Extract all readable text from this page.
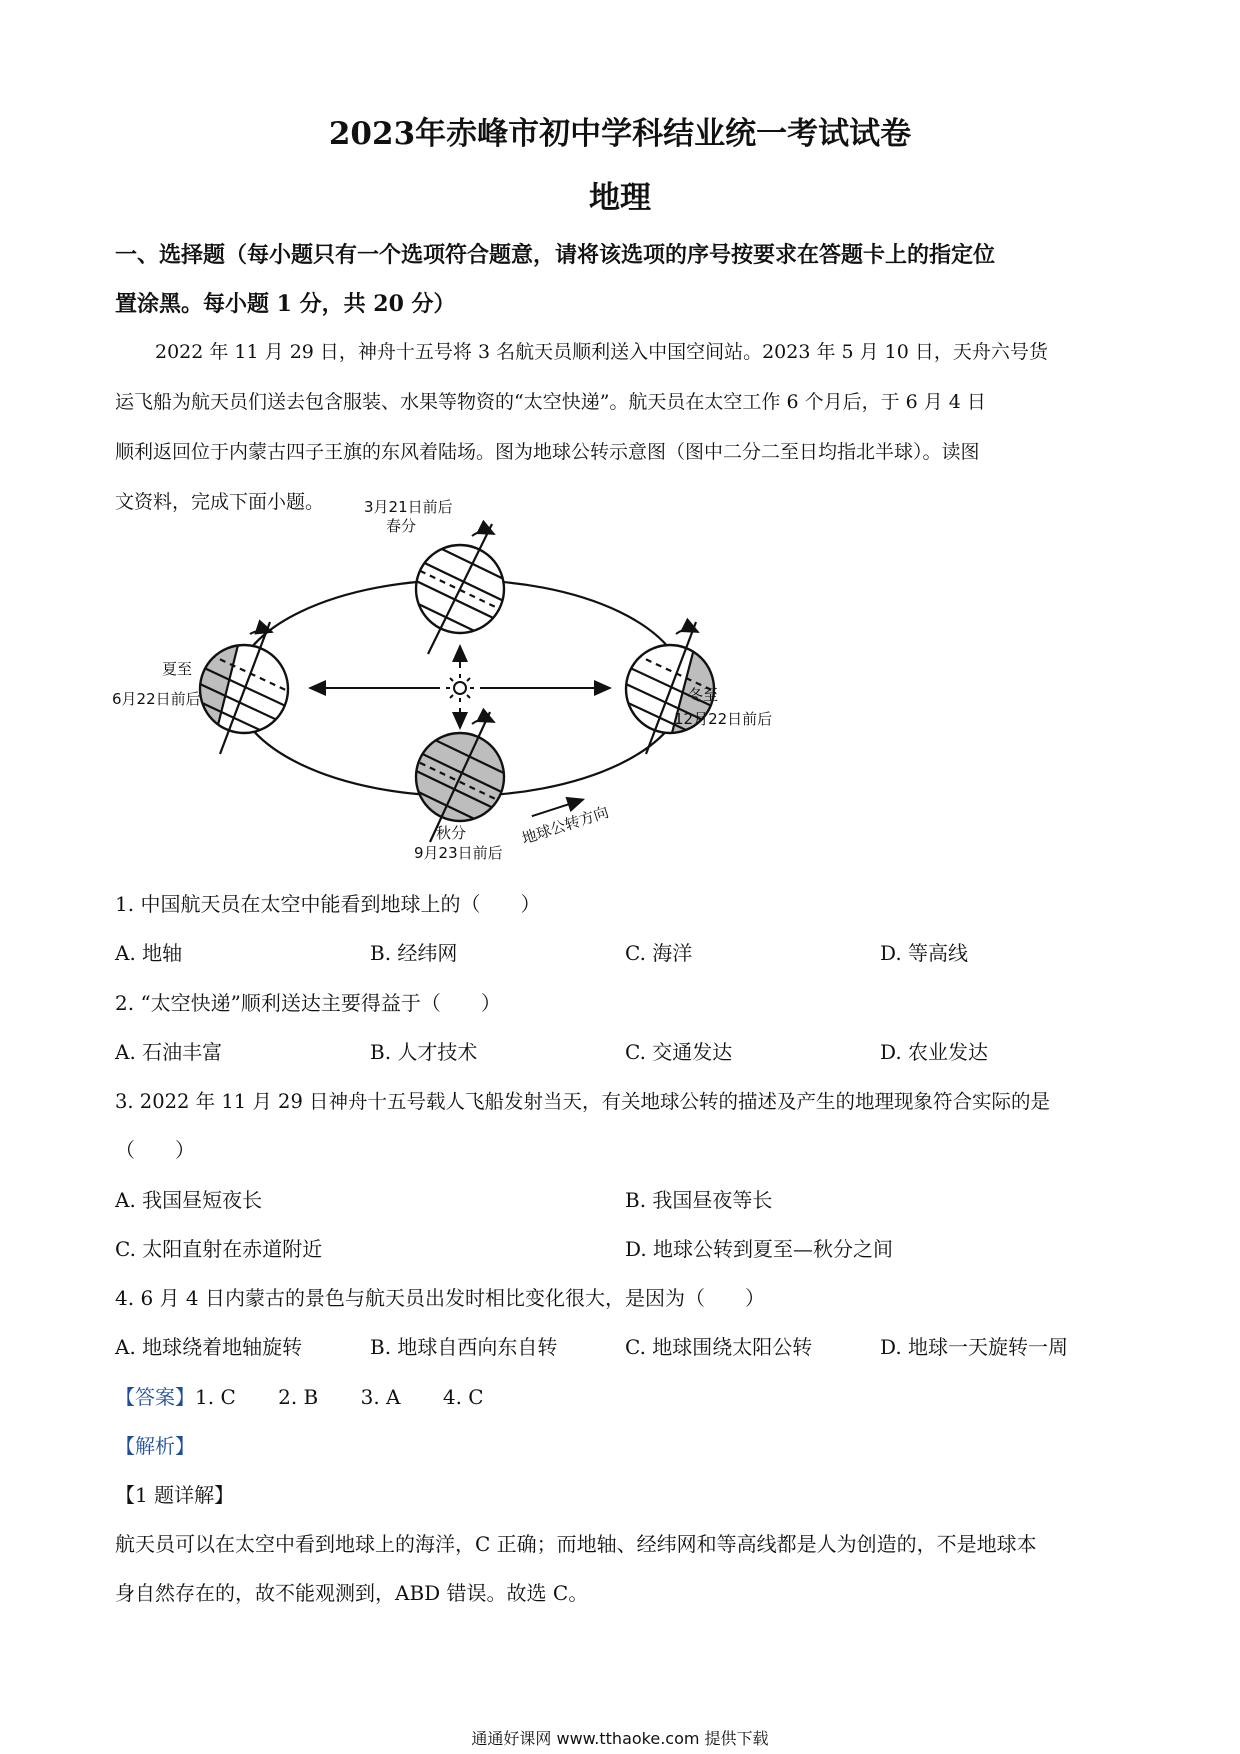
2023年赤峰市初中学科结业统一考试试卷
地理
一、选择题（每小题只有一个选项符合题意，请将该选项的序号按要求在答题卡上的指定位
置涂黑。每小题 1 分，共 20 分）
2022 年 11 月 29 日，神舟十五号将 3 名航天员顺利送入中国空间站。2023 年 5 月 10 日，天舟六号货
运飞船为航天员们送去包含服装、水果等物资的“太空快递”。航天员在太空工作 6 个月后，于 6 月 4 日
顺利返回位于内蒙古四子王旗的东风着陆场。图为地球公转示意图（图中二分二至日均指北半球）。读图
文资料，完成下面小题。	3月21日前后
春分
夏至
6月22日前后	冬至
12月22日前后
秋分
9月23日前后
地球公转方向
1. 中国航天员在太空中能看到地球上的（　　）
A. 地轴	B. 经纬网	C. 海洋	D. 等高线
2. “太空快递”顺利送达主要得益于（　　）
A. 石油丰富	B. 人才技术	C. 交通发达	D. 农业发达
3. 2022 年 11 月 29 日神舟十五号载人飞船发射当天，有关地球公转的描述及产生的地理现象符合实际的是
（　　）
A. 我国昼短夜长	B. 我国昼夜等长
C. 太阳直射在赤道附近	D. 地球公转到夏至—秋分之间
4. 6 月 4 日内蒙古的景色与航天员出发时相比变化很大，是因为（　　）
A. 地球绕着地轴旋转	B. 地球自西向东自转	C. 地球围绕太阳公转	D. 地球一天旋转一周
【答案】1. C 2. B 3. A 4. C
【解析】
【1 题详解】
航天员可以在太空中看到地球上的海洋，C 正确；而地轴、经纬网和等高线都是人为创造的，不是地球本
身自然存在的，故不能观测到，ABD 错误。故选 C。
通通好课网 www.tthaoke.com 提供下载
